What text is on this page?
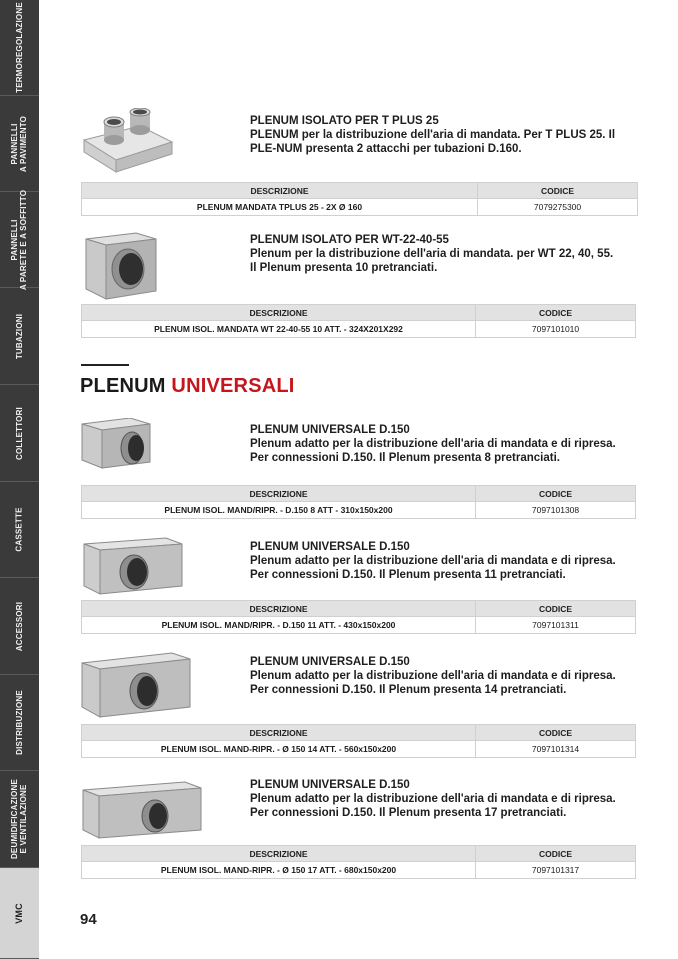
TERMOREGOLAZIONE
PANNELLI
A PAVIMENTO
PANNELLI
A PARETE E A SOFFITTO
TUBAZIONI
COLLETTORI
CASSETTE
ACCESSORI
DISTRIBUZIONE
DEUMIDIFICAZIONE
E VENTILAZIONE
VMC
PLENUM ISOLATO PER T PLUS 25
PLENUM per la distribuzione dell'aria di mandata. Per T PLUS 25. Il PLE-NUM presenta 2 attacchi per tubazioni D.160.
DESCRIZIONE	CODICE
PLENUM MANDATA TPLUS 25 - 2X Ø 160	7079275300
PLENUM ISOLATO PER WT-22-40-55
Plenum per la distribuzione dell'aria di mandata. per WT 22, 40, 55. Il Plenum presenta 10 pretranciati.
DESCRIZIONE	CODICE
PLENUM ISOL. MANDATA WT 22-40-55 10 ATT. - 324X201X292	7097101010
PLENUM UNIVERSALI
PLENUM UNIVERSALE D.150
Plenum adatto per la distribuzione dell'aria di mandata e di ripresa. Per connessioni D.150. Il Plenum presenta 8 pretranciati.
DESCRIZIONE	CODICE
PLENUM ISOL. MAND/RIPR. - D.150 8 ATT - 310x150x200	7097101308
PLENUM UNIVERSALE D.150
Plenum adatto per la distribuzione dell'aria di mandata e di ripresa. Per connessioni D.150. Il Plenum presenta 11 pretranciati.
DESCRIZIONE	CODICE
PLENUM ISOL. MAND/RIPR. - D.150 11 ATT. - 430x150x200	7097101311
PLENUM UNIVERSALE D.150
Plenum adatto per la distribuzione dell'aria di mandata e di ripresa. Per connessioni D.150. Il Plenum presenta 14 pretranciati.
DESCRIZIONE	CODICE
PLENUM ISOL. MAND-RIPR. - Ø 150 14 ATT. - 560x150x200	7097101314
PLENUM UNIVERSALE D.150
Plenum adatto per la distribuzione dell'aria di mandata e di ripresa. Per connessioni D.150. Il Plenum presenta 17 pretranciati.
DESCRIZIONE	CODICE
PLENUM ISOL. MAND-RIPR. - Ø 150 17 ATT. - 680x150x200	7097101317
94
